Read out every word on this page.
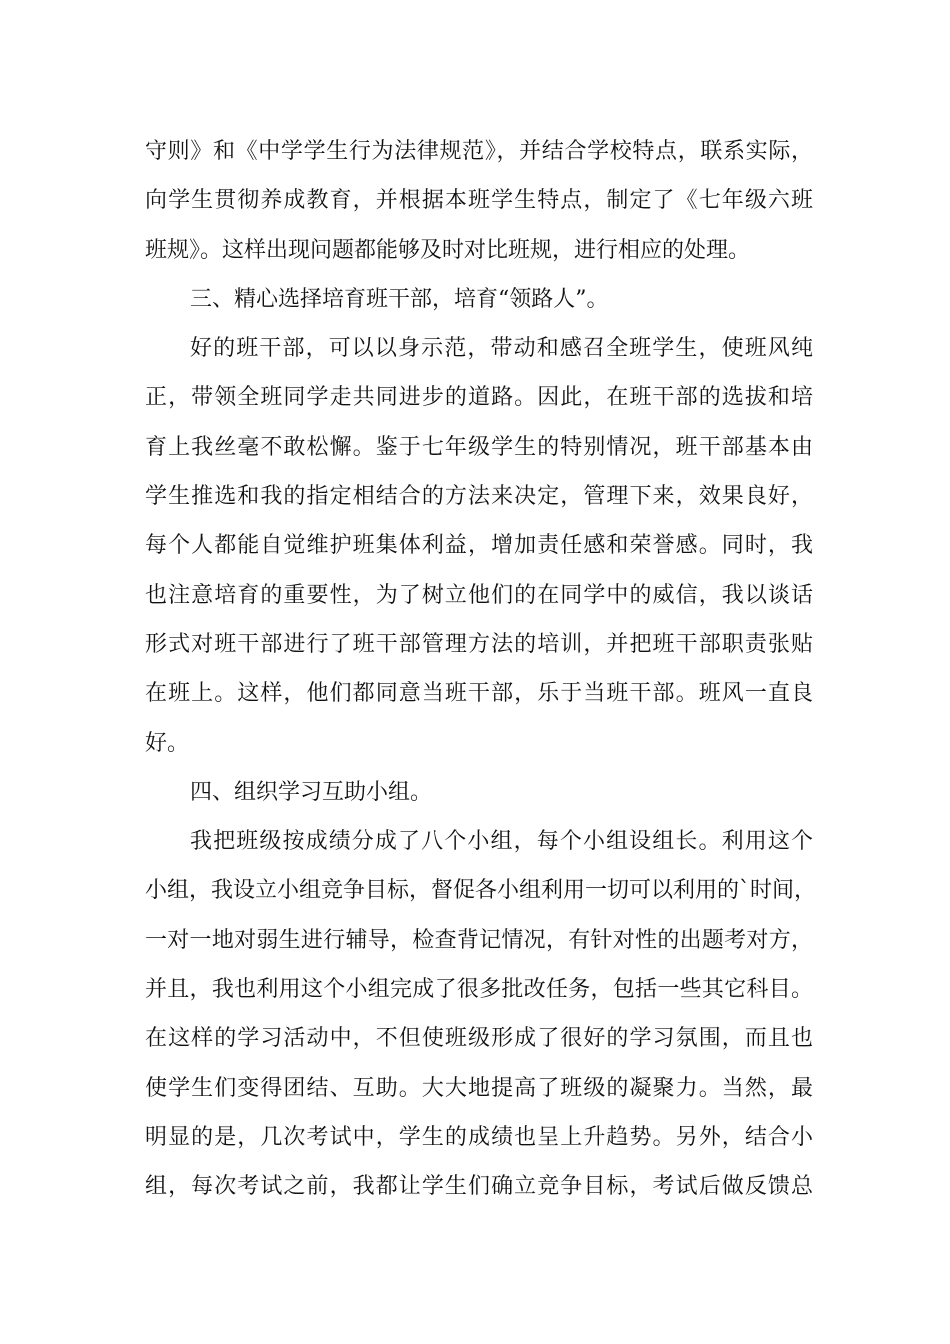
守则》和《中学学生行为法律规范》，并结合学校特点，联系实际，
向学生贯彻养成教育，并根据本班学生特点，制定了《七年级六班
班规》。这样出现问题都能够及时对比班规，进行相应的处理。
三、精心选择培育班干部，培育“领路人”。
好的班干部，可以以身示范，带动和感召全班学生，使班风纯
正，带领全班同学走共同进步的道路。因此，在班干部的选拔和培
育上我丝毫不敢松懈。鉴于七年级学生的特别情况，班干部基本由
学生推选和我的指定相结合的方法来决定，管理下来，效果良好，
每个人都能自觉维护班集体利益，增加责任感和荣誉感。同时，我
也注意培育的重要性，为了树立他们的在同学中的威信，我以谈话
形式对班干部进行了班干部管理方法的培训，并把班干部职责张贴
在班上。这样，他们都同意当班干部，乐于当班干部。班风一直良
好。
四、组织学习互助小组。
我把班级按成绩分成了八个小组，每个小组设组长。利用这个
小组，我设立小组竞争目标，督促各小组利用一切可以利用的`时间，
一对一地对弱生进行辅导，检查背记情况，有针对性的出题考对方，
并且，我也利用这个小组完成了很多批改任务，包括一些其它科目。
在这样的学习活动中，不但使班级形成了很好的学习氛围，而且也
使学生们变得团结、互助。大大地提高了班级的凝聚力。当然，最
明显的是，几次考试中，学生的成绩也呈上升趋势。另外，结合小
组，每次考试之前，我都让学生们确立竞争目标，考试后做反馈总
